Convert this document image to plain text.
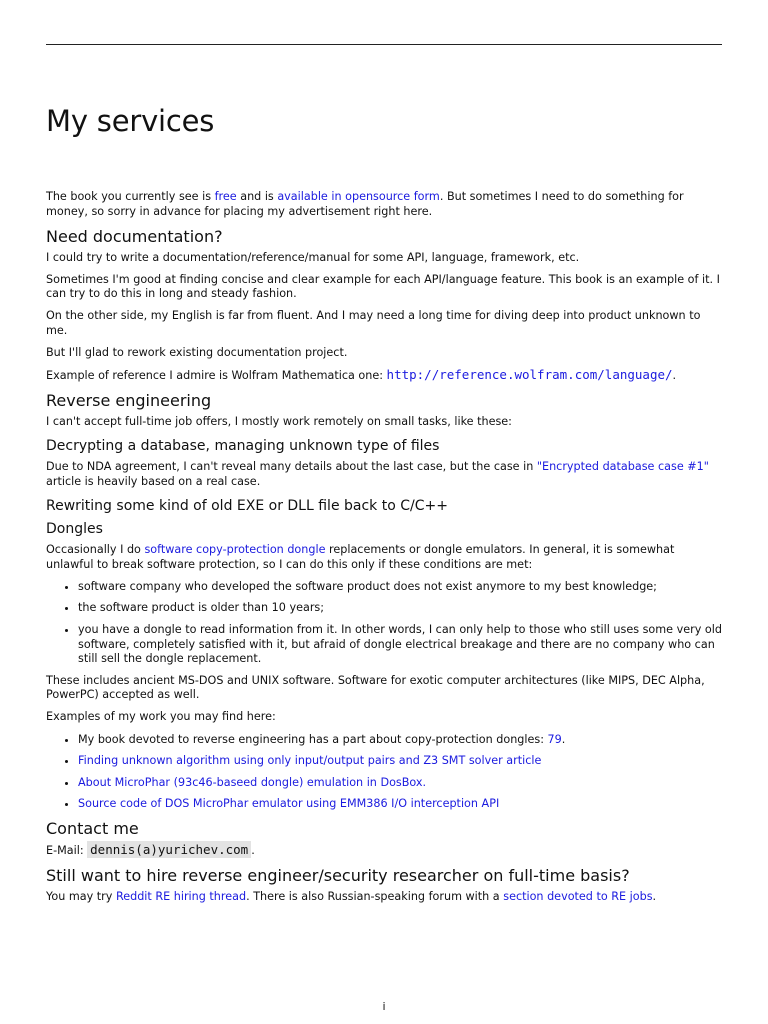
My services

The book you currently see is free and is available in opensource form. But sometimes I need to do something for money, so sorry in advance for placing my advertisement right here.

Need documentation?

I could try to write a documentation/reference/manual for some API, language, framework, etc.

Sometimes I'm good at finding concise and clear example for each API/language feature. This book is an example of it. I can try to do this in long and steady fashion.

On the other side, my English is far from fluent. And I may need a long time for diving deep into product unknown to me.

But I'll glad to rework existing documentation project.

Example of reference I admire is Wolfram Mathematica one: http://reference.wolfram.com/language/.

Reverse engineering

I can't accept full-time job offers, I mostly work remotely on small tasks, like these:

Decrypting a database, managing unknown type of files

Due to NDA agreement, I can't reveal many details about the last case, but the case in "Encrypted database case #1" article is heavily based on a real case.

Rewriting some kind of old EXE or DLL file back to C/C++
Dongles

Occasionally I do software copy-protection dongle replacements or dongle emulators. In general, it is somewhat unlawful to break software protection, so I can do this only if these conditions are met:

• software company who developed the software product does not exist anymore to my best knowledge;
• the software product is older than 10 years;
• you have a dongle to read information from it. In other words, I can only help to those who still uses some very old software, completely satisfied with it, but afraid of dongle electrical breakage and there are no company who can still sell the dongle replacement.

These includes ancient MS-DOS and UNIX software. Software for exotic computer architectures (like MIPS, DEC Alpha, PowerPC) accepted as well.

Examples of my work you may find here:

• My book devoted to reverse engineering has a part about copy-protection dongles: 79.
• Finding unknown algorithm using only input/output pairs and Z3 SMT solver article
• About MicroPhar (93c46-baseed dongle) emulation in DosBox.
• Source code of DOS MicroPhar emulator using EMM386 I/O interception API
Contact me

E-Mail: dennis(a)yurichev.com .

Still want to hire reverse engineer/security researcher on full-time basis?

You may try Reddit RE hiring thread. There is also Russian-speaking forum with a section devoted to RE jobs.

i
